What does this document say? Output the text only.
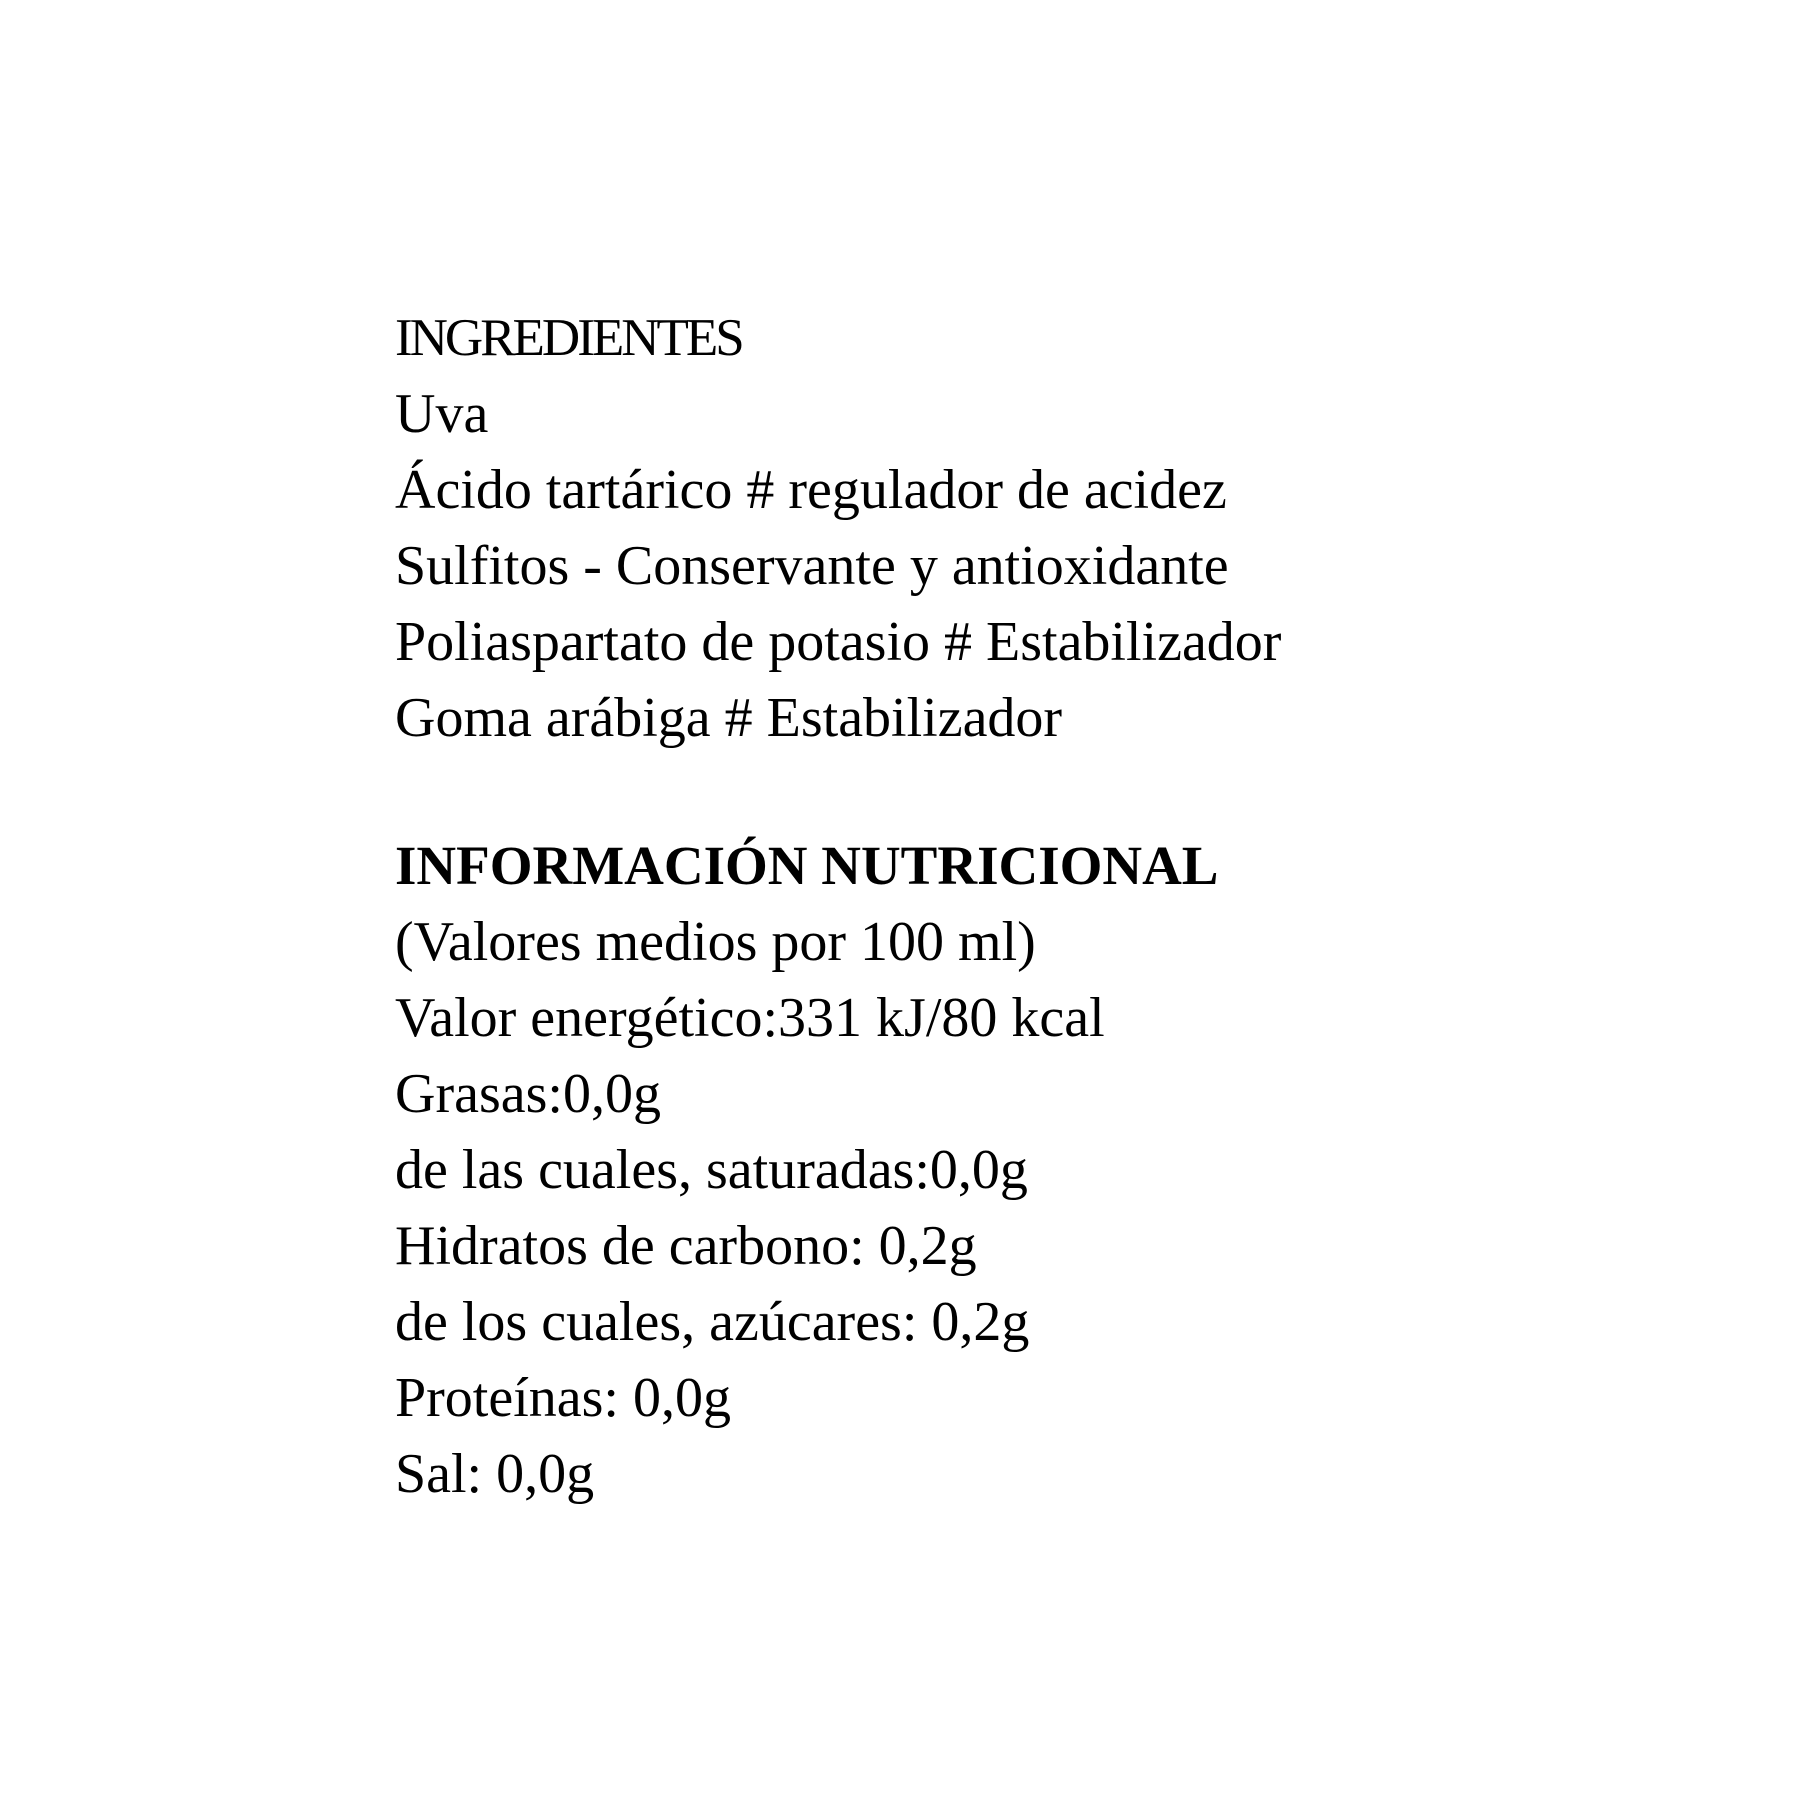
INGREDIENTES
Uva
Ácido tartárico # regulador de acidez
Sulfitos - Conservante y antioxidante
Poliaspartato de potasio # Estabilizador
Goma arábiga # Estabilizador
INFORMACIÓN NUTRICIONAL
(Valores medios por 100 ml)
Valor energético:331 kJ/80 kcal
Grasas:0,0g
de las cuales, saturadas:0,0g
Hidratos de carbono: 0,2g
de los cuales, azúcares: 0,2g
Proteínas: 0,0g
Sal: 0,0g
